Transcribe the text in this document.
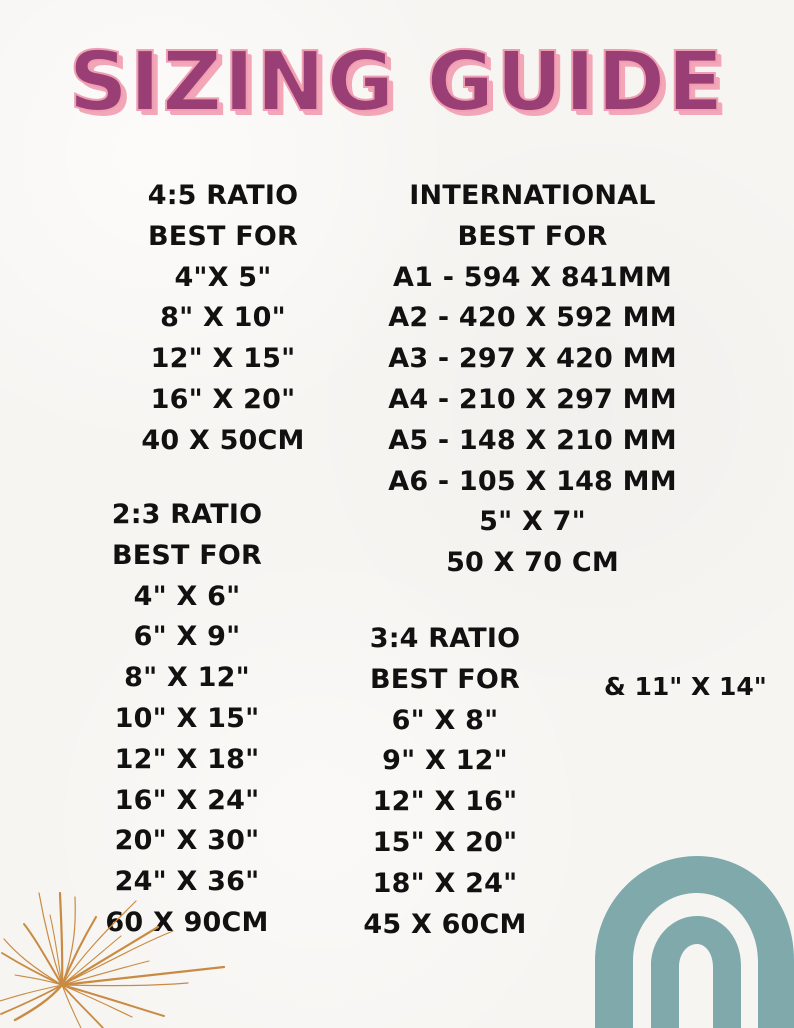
SIZING GUIDE
4:5 RATIO
BEST FOR
4"X 5"
8" X 10"
12" X 15"
16" X 20"
40 X 50CM
INTERNATIONAL
BEST FOR
A1 - 594 X 841MM
A2 - 420 X 592 MM
A3 - 297 X 420 MM
A4 - 210 X 297 MM
A5 - 148 X 210 MM
A6 - 105 X 148 MM
5" X 7"
50 X 70 CM
2:3 RATIO
BEST FOR
4" X 6"
6" X 9"
8" X 12"
10" X 15"
12" X 18"
16" X 24"
20" X 30"
24" X 36"
60 X 90CM
3:4 RATIO
BEST FOR
6" X 8"
9" X 12"
12" X 16"
15" X 20"
18" X 24"
45 X 60CM
& 11" X 14"
